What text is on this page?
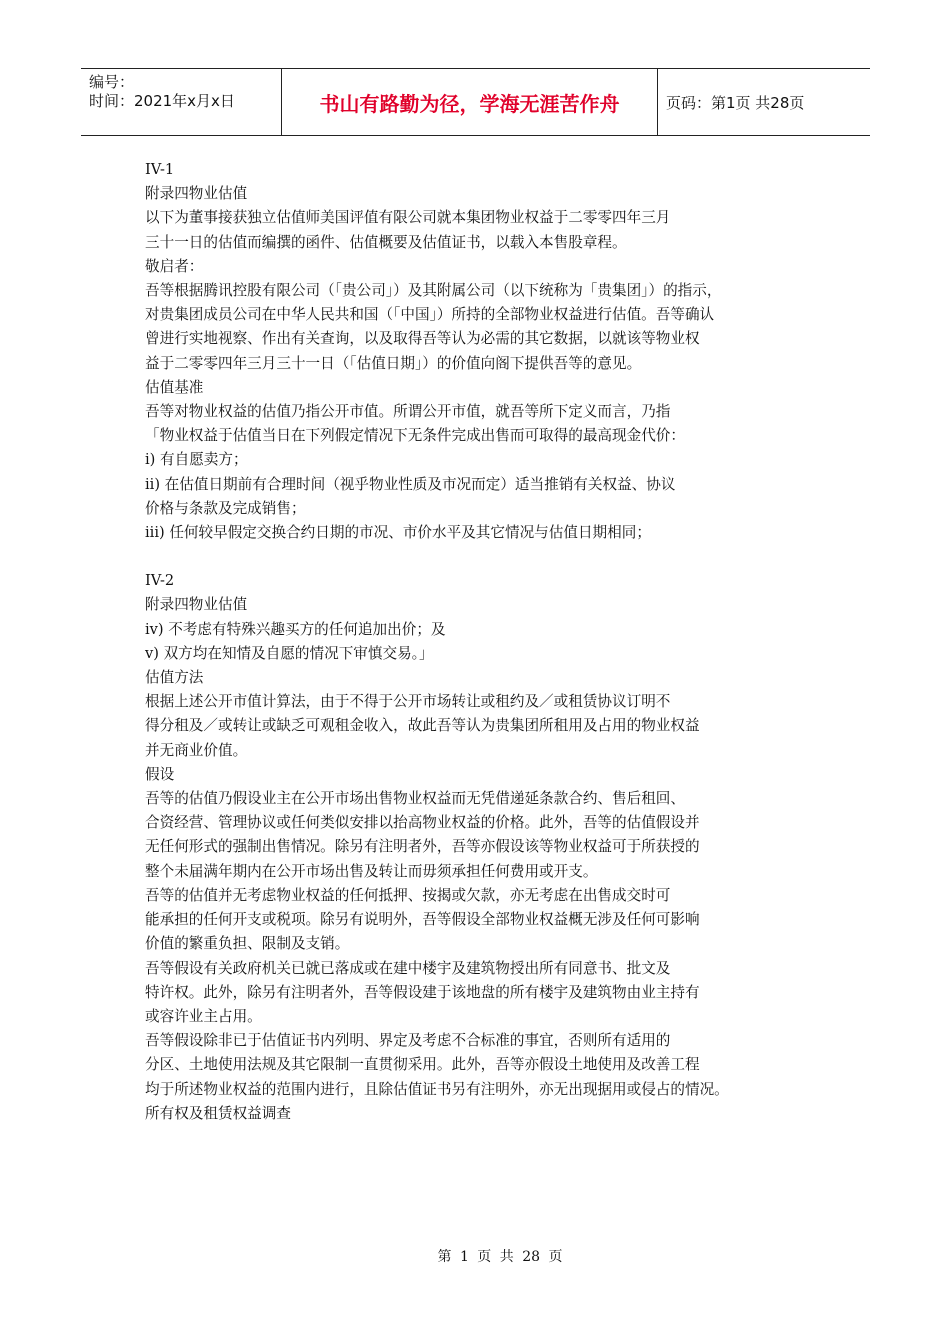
编号：
时间：2021年x月x日	书山有路勤为径，学海无涯苦作舟	页码：第1页 共28页

IV-1

附录四物业估值

以下为董事接获独立估值师美国评值有限公司就本集团物业权益于二零零四年三月

三十一日的估值而编撰的函件、估值概要及估值证书，以载入本售股章程。

敬启者：

吾等根据腾讯控股有限公司（「贵公司」）及其附属公司（以下统称为「贵集团」）的指示，

对贵集团成员公司在中华人民共和国（「中国」）所持的全部物业权益进行估值。吾等确认

曾进行实地视察、作出有关查询，以及取得吾等认为必需的其它数据，以就该等物业权

益于二零零四年三月三十一日（「估值日期」）的价值向阁下提供吾等的意见。

估值基准

吾等对物业权益的估值乃指公开市值。所谓公开市值，就吾等所下定义而言，乃指

「物业权益于估值当日在下列假定情况下无条件完成出售而可取得的最高现金代价：

i) 有自愿卖方；

ii) 在估值日期前有合理时间（视乎物业性质及市况而定）适当推销有关权益、协议

价格与条款及完成销售；

iii) 任何较早假定交换合约日期的市况、市价水平及其它情况与估值日期相同；

IV-2

附录四物业估值

iv) 不考虑有特殊兴趣买方的任何追加出价；及

v) 双方均在知情及自愿的情况下审慎交易。」

估值方法

根据上述公开市值计算法，由于不得于公开市场转让或租约及／或租赁协议订明不

得分租及／或转让或缺乏可观租金收入，故此吾等认为贵集团所租用及占用的物业权益

并无商业价值。

假设

吾等的估值乃假设业主在公开市场出售物业权益而无凭借递延条款合约、售后租回、

合资经营、管理协议或任何类似安排以抬高物业权益的价格。此外，吾等的估值假设并

无任何形式的强制出售情况。除另有注明者外，吾等亦假设该等物业权益可于所获授的

整个未届满年期内在公开市场出售及转让而毋须承担任何费用或开支。

吾等的估值并无考虑物业权益的任何抵押、按揭或欠款，亦无考虑在出售成交时可

能承担的任何开支或税项。除另有说明外，吾等假设全部物业权益概无涉及任何可影响

价值的繁重负担、限制及支销。

吾等假设有关政府机关已就已落成或在建中楼宇及建筑物授出所有同意书、批文及

特许权。此外，除另有注明者外，吾等假设建于该地盘的所有楼宇及建筑物由业主持有

或容许业主占用。

吾等假设除非已于估值证书内列明、界定及考虑不合标准的事宜，否则所有适用的

分区、土地使用法规及其它限制一直贯彻采用。此外，吾等亦假设土地使用及改善工程

均于所述物业权益的范围内进行，且除估值证书另有注明外，亦无出现据用或侵占的情况。

所有权及租赁权益调查

第 1 页 共 28 页
